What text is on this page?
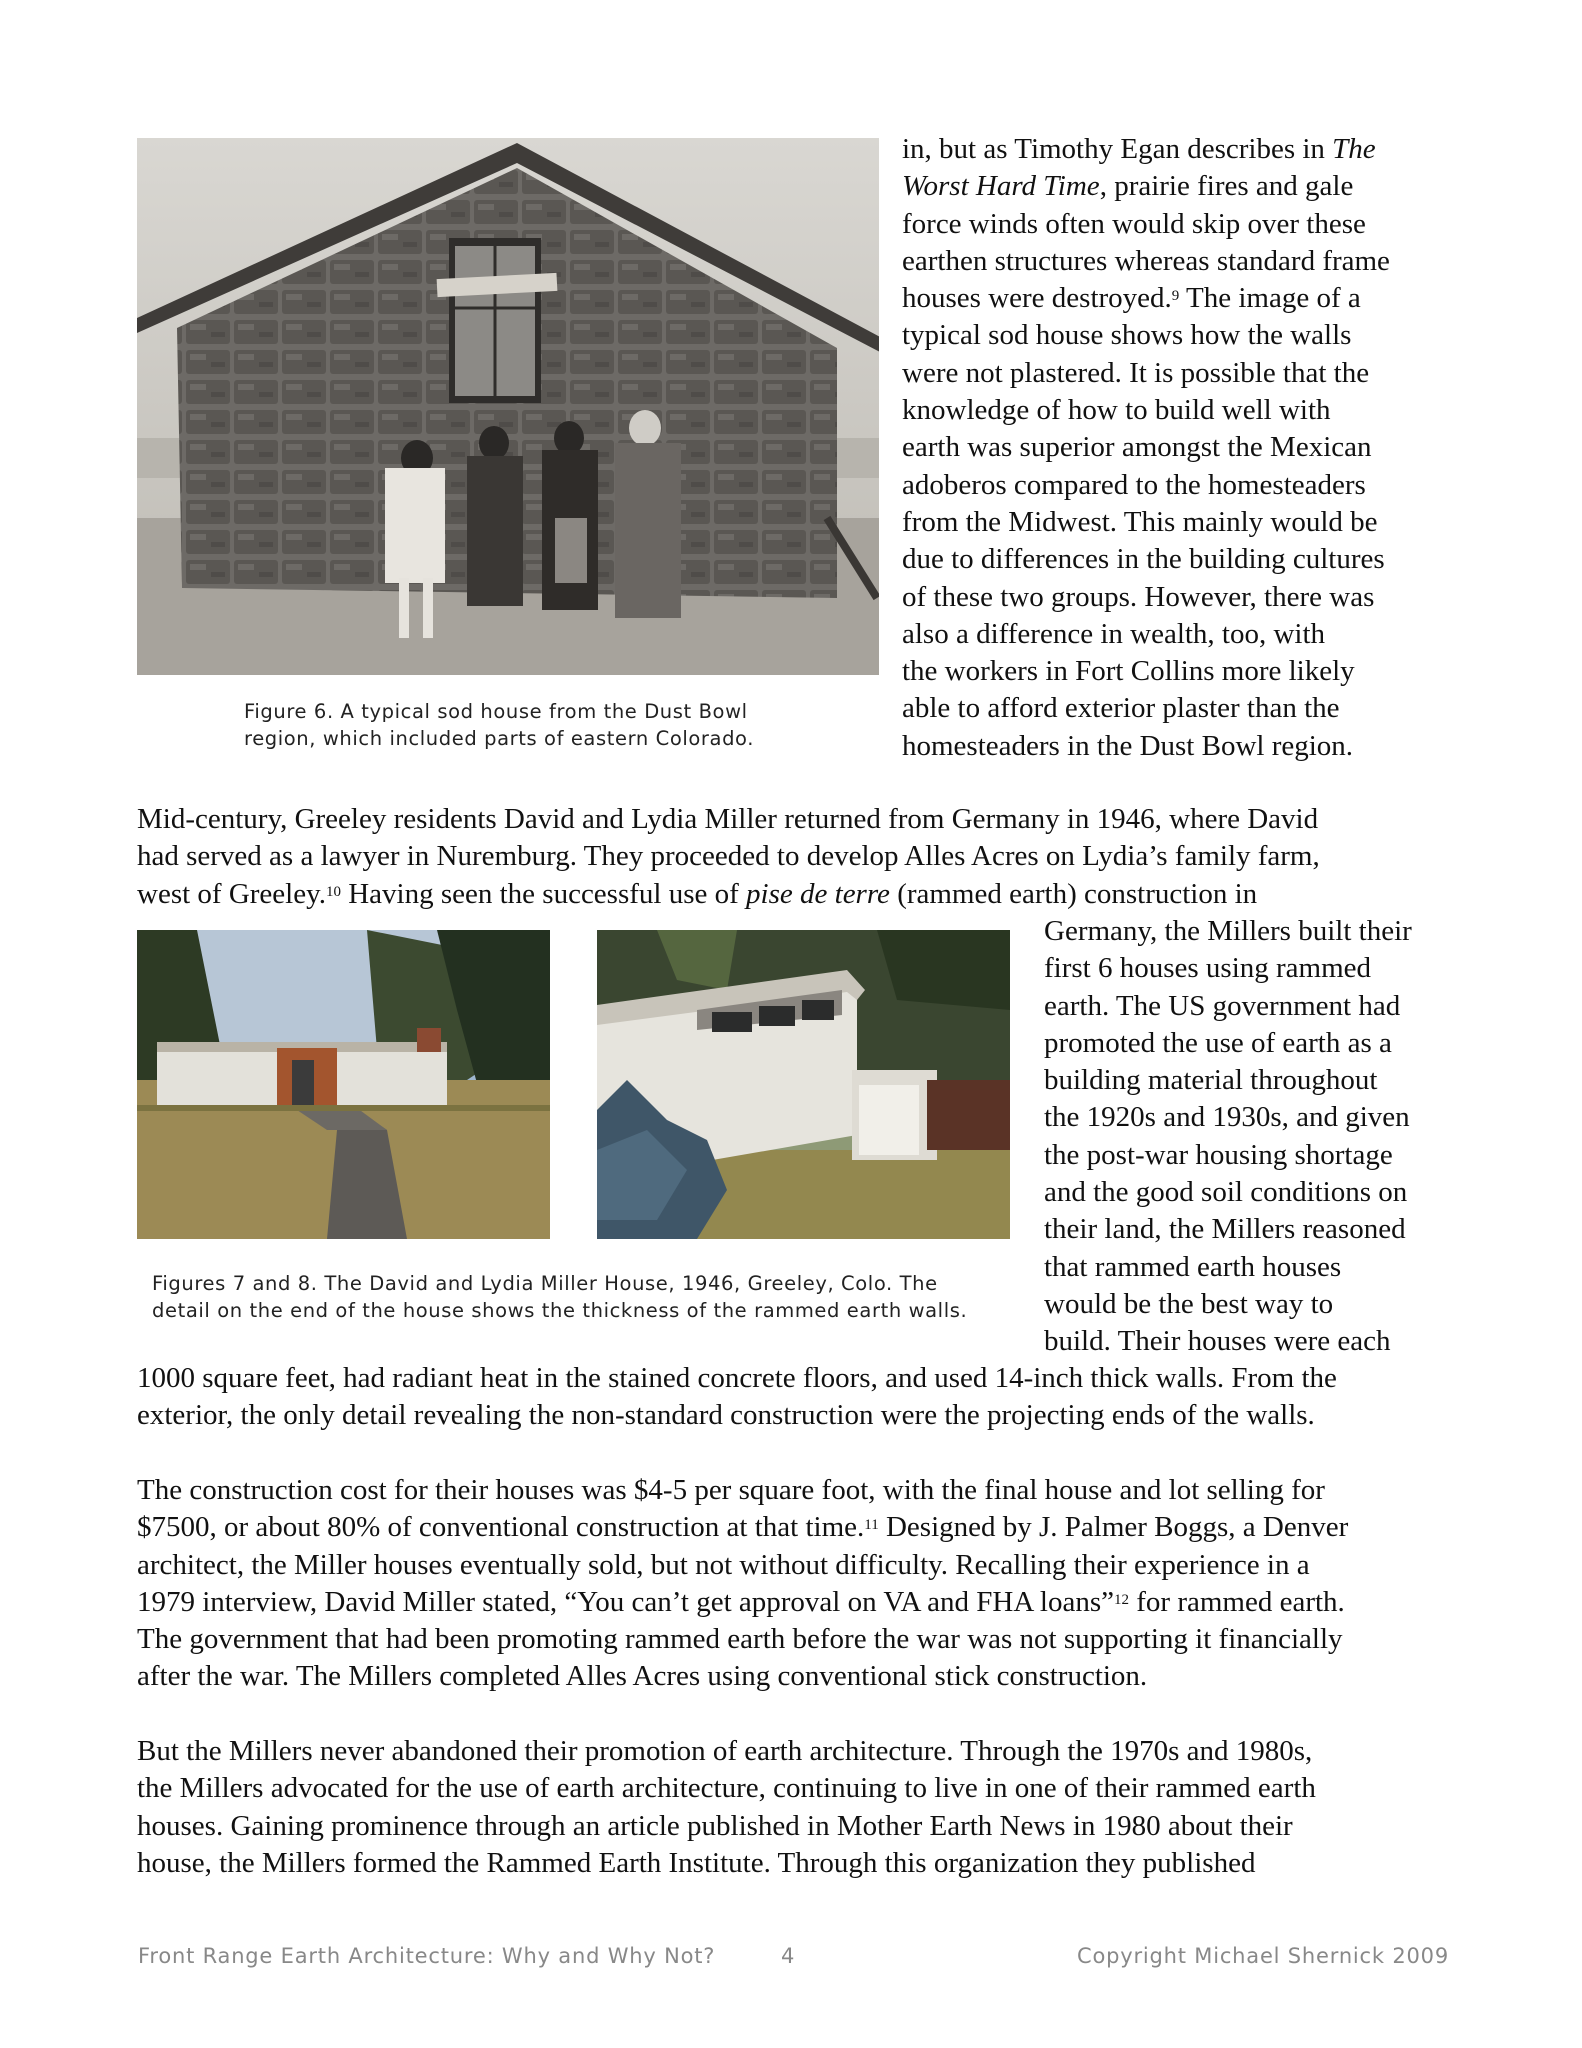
Figure 6. A typical sod house from the Dust Bowl
region, which included parts of eastern Colorado.
in, but as Timothy Egan describes in The
Worst Hard Time, prairie fires and gale
force winds often would skip over these
earthen structures whereas standard frame
houses were destroyed.$^9$ The image of a
typical sod house shows how the walls
were not plastered. It is possible that the
knowledge of how to build well with
earth was superior amongst the Mexican
adoberos compared to the homesteaders
from the Midwest. This mainly would be
due to differences in the building cultures
of these two groups. However, there was
also a difference in wealth, too, with
the workers in Fort Collins more likely
able to afford exterior plaster than the
homesteaders in the Dust Bowl region.
Mid-century, Greeley residents David and Lydia Miller returned from Germany in 1946, where David
had served as a lawyer in Nuremburg. They proceeded to develop Alles Acres on Lydia’s family farm,
west of Greeley.$^{10}$ Having seen the successful use of pise de terre (rammed earth) construction in
Figures 7 and 8. The David and Lydia Miller House, 1946, Greeley, Colo. The
detail on the end of the house shows the thickness of the rammed earth walls.
Germany, the Millers built their
first 6 houses using rammed
earth. The US government had
promoted the use of earth as a
building material throughout
the 1920s and 1930s, and given
the post-war housing shortage
and the good soil conditions on
their land, the Millers reasoned
that rammed earth houses
would be the best way to
build. Their houses were each
1000 square feet, had radiant heat in the stained concrete floors, and used 14-inch thick walls. From the
exterior, the only detail revealing the non-standard construction were the projecting ends of the walls.
The construction cost for their houses was $4-5 per square foot, with the final house and lot selling for
$7500, or about 80% of conventional construction at that time.$^{11}$ Designed by J. Palmer Boggs, a Denver
architect, the Miller houses eventually sold, but not without difficulty. Recalling their experience in a
1979 interview, David Miller stated, “You can’t get approval on VA and FHA loans”$^{12}$ for rammed earth.
The government that had been promoting rammed earth before the war was not supporting it financially
after the war. The Millers completed Alles Acres using conventional stick construction.
But the Millers never abandoned their promotion of earth architecture. Through the 1970s and 1980s,
the Millers advocated for the use of earth architecture, continuing to live in one of their rammed earth
houses. Gaining prominence through an article published in Mother Earth News in 1980 about their
house, the Millers formed the Rammed Earth Institute. Through this organization they published
Front Range Earth Architecture: Why and Why Not?	4	Copyright Michael Shernick 2009
